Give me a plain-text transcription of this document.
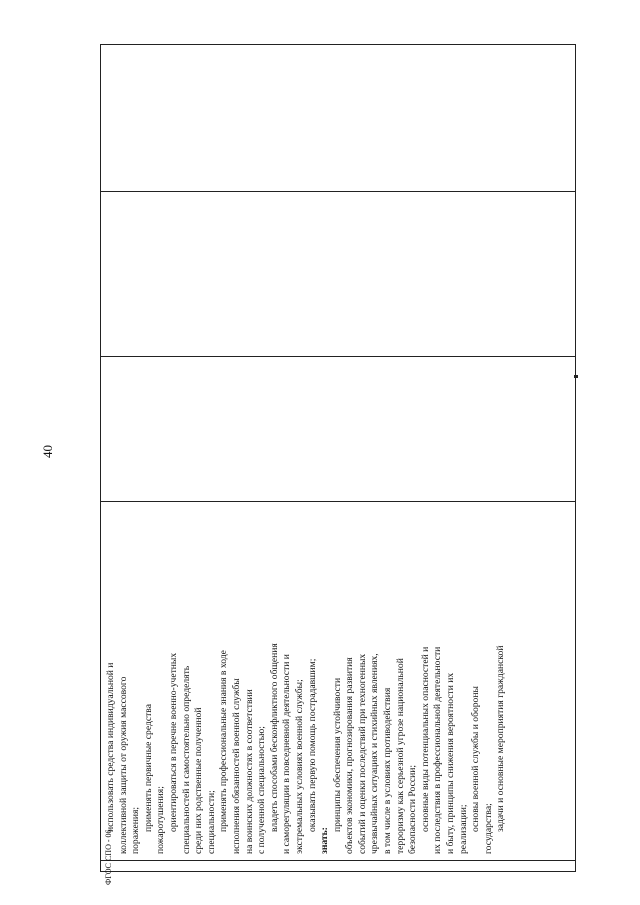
40
использовать средства индивидуальной и коллективной защиты от оружия массового поражения; применять первичные средства пожаротушения; ориентироваться в перечне военно-учетных специальностей и самостоятельно определять среди них родственные полученной специальности; применять профессиональные знания в ходе исполнения обязанностей военной службы на воинских должностях в соответствии с полученной специальностью; владеть способами бесконфликтного общения и саморегуляции в повседневной деятельности и экстремальных условиях военной службы; оказывать первую помощь пострадавшим;
знать:
принципы обеспечения устойчивости объектов экономики, прогнозирования развития событий и оценки последствий при техногенных чрезвычайных ситуациях и стихийных явлениях, в том числе в условиях противодействия терроризму как серьезной угрозе национальной безопасности России; основные виды потенциальных опасностей и их последствия в профессиональной деятельности и быту, принципы снижения вероятности их реализации; основы военной службы и обороны государства; задачи и основные мероприятия гражданской
ФГОС СПО - 06
